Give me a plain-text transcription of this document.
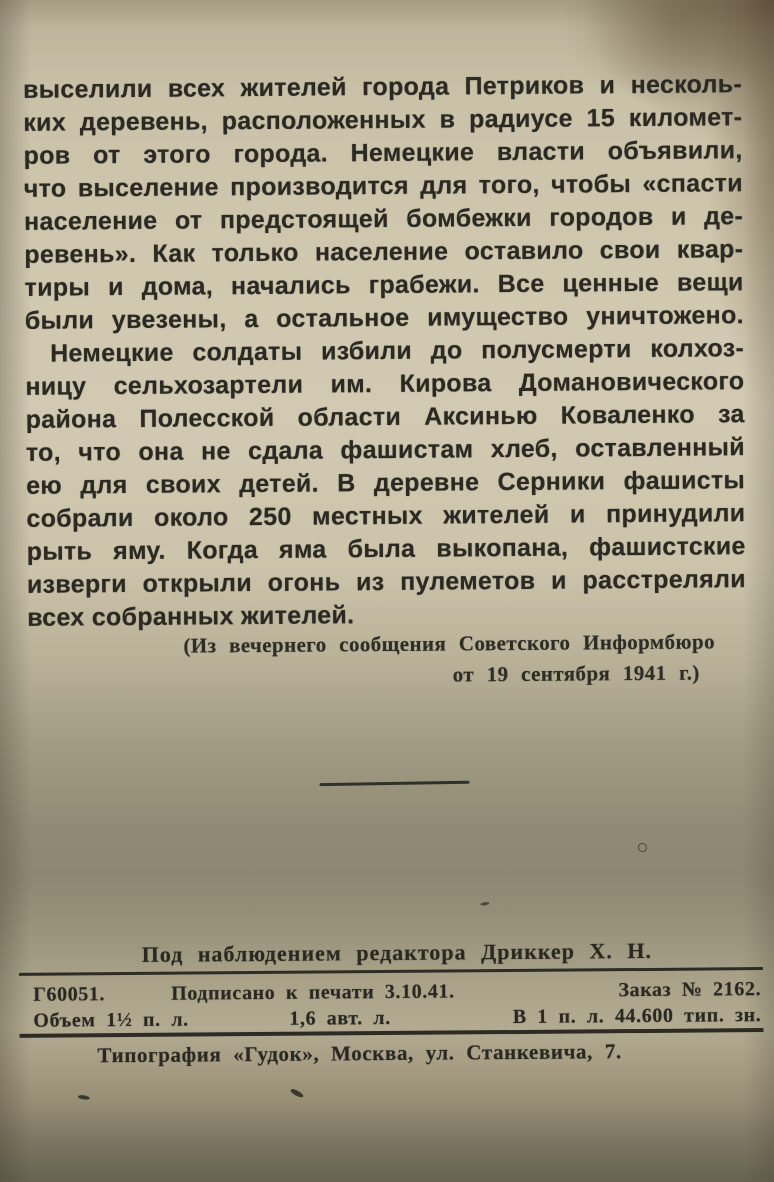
выселили всех жителей города Петриков и несколь-
ких деревень, расположенных в радиусе 15 километ-
ров от этого города. Немецкие власти объявили,
что выселение производится для того, чтобы «спасти
население от предстоящей бомбежки городов и де-
ревень». Как только население оставило свои квар-
тиры и дома, начались грабежи. Все ценные вещи
были увезены, а остальное имущество уничтожено.
Немецкие солдаты избили до полусмерти колхоз-
ницу сельхозартели им. Кирова Домановического
района Полесской области Аксинью Коваленко за
то, что она не сдала фашистам хлеб, оставленный
ею для своих детей. В деревне Серники фашисты
собрали около 250 местных жителей и принудили
рыть яму. Когда яма была выкопана, фашистские
изверги открыли огонь из пулеметов и расстреляли
всех собранных жителей.
(Из вечернего сообщения Советского Информбюро
от 19 сентября 1941 г.)
Под наблюдением редактора Дриккер Х. Н.
Г60051.	Подписано к печати 3.10.41.	Заказ № 2162.
Объем 1½ п. л.	1,6 авт. л.	В 1 п. л. 44.600 тип. зн.
Типография «Гудок», Москва, ул. Станкевича, 7.
